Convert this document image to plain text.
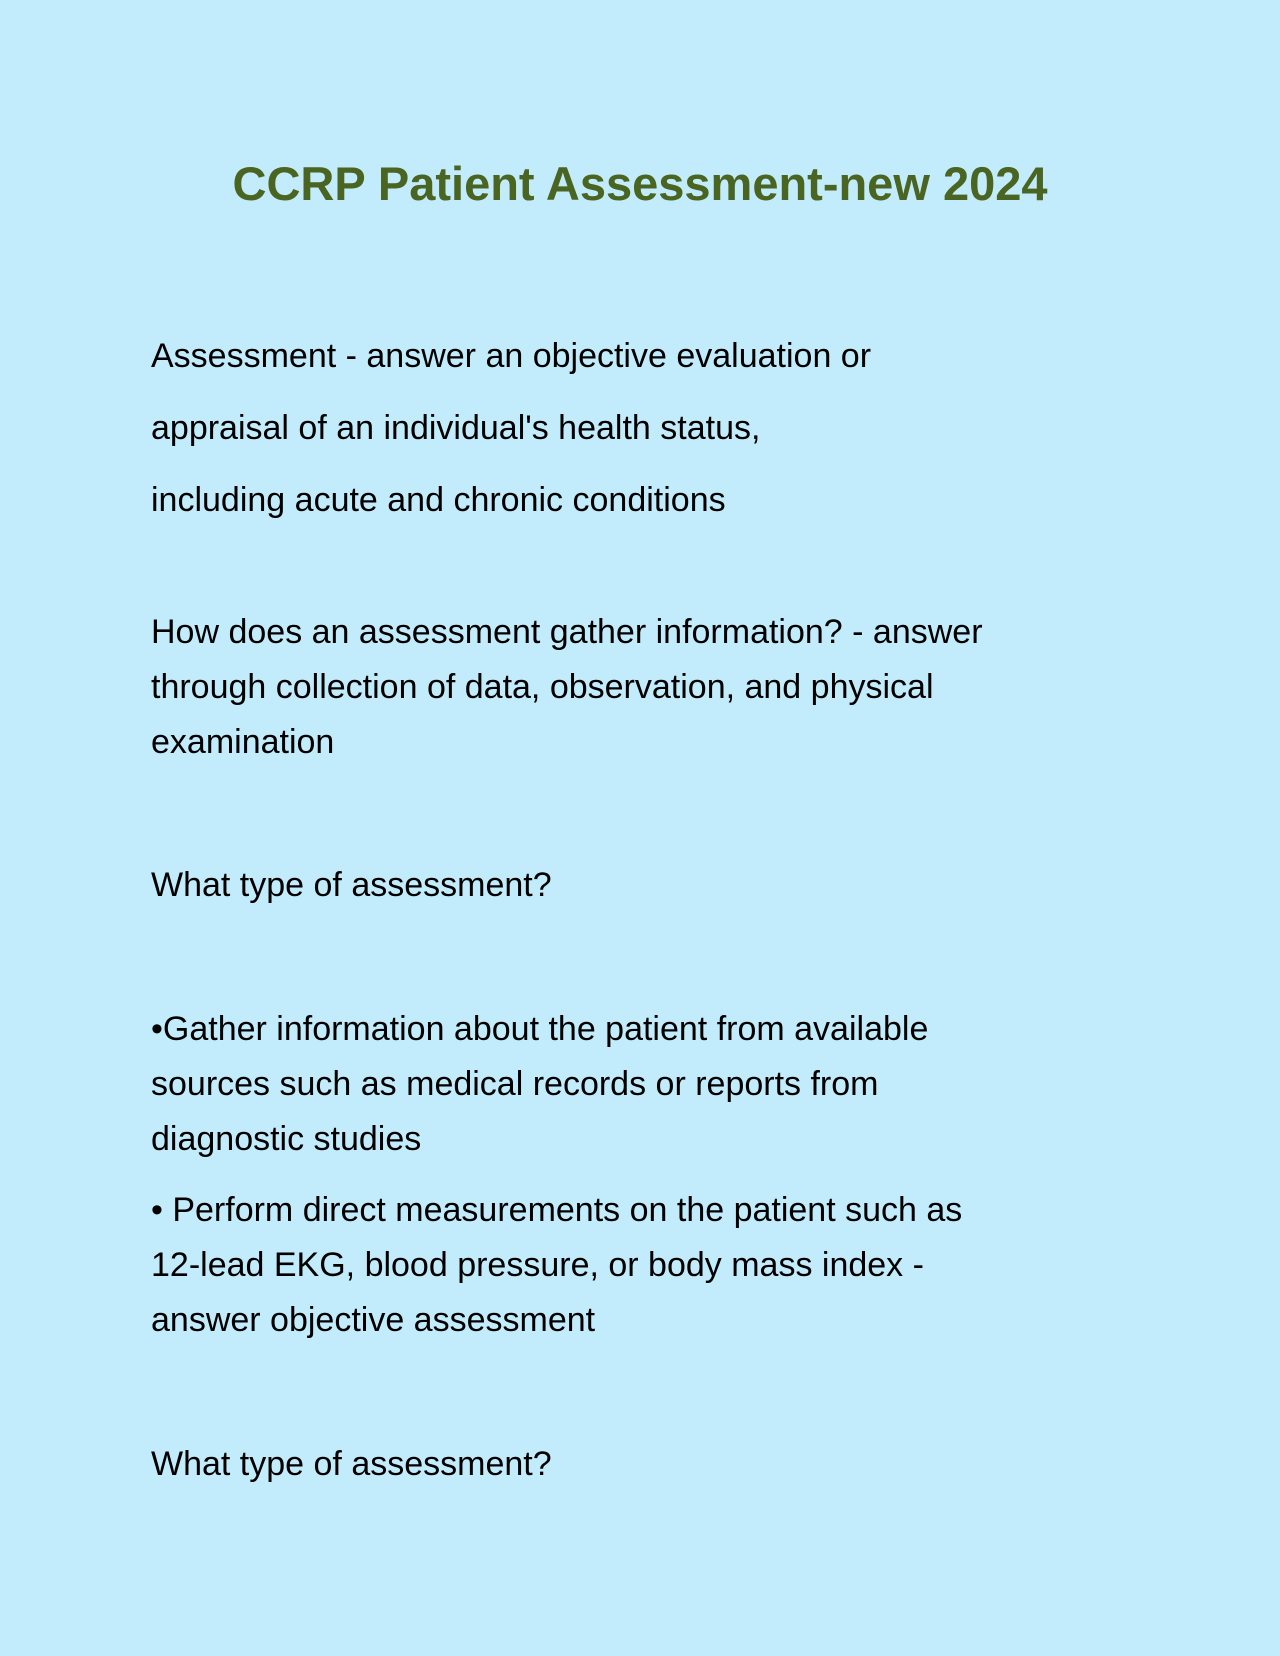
CCRP Patient Assessment-new 2024
Assessment - answer an objective evaluation or
appraisal of an individual's health status,
including acute and chronic conditions
How does an assessment gather information? - answer
through collection of data, observation, and physical
examination
What type of assessment?
•Gather information about the patient from available
sources such as medical records or reports from
diagnostic studies
• Perform direct measurements on the patient such as
12-lead EKG, blood pressure, or body mass index -
answer objective assessment
What type of assessment?
